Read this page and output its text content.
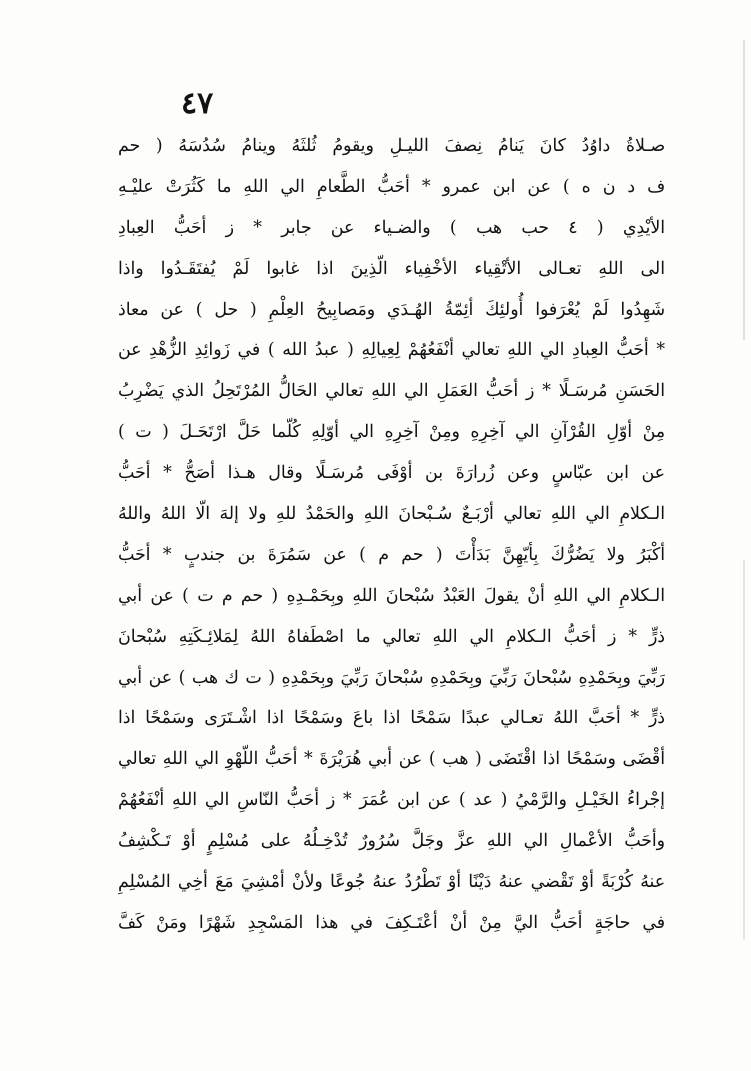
٤٧
صـلاةُ داوُدُ كانَ يَنامُ نِصفَ الليـلِ ويقومُ ثُلثَهُ وينامُ سُدُسَهُ ( حم
ف د ن ه ) عن ابن عمرو * أحَبُّ الطَّعامِ الي اللهِ ما كَثُرَتْ عليْـهِ
الأيْدِي ( ٤ حب هب ) والضـياء عن جابر * ز أحَبُّ العِبادِ
الى اللهِ تعـالى الأتْقِياء الأخْفِياء الّذِينَ اذا غابوا لَمْ يُفتَقَـدُوا واذا
شَهِدُوا لَمْ يُعْرَفوا أُولئِكَ أئِمّةُ الهُـدَي ومَصابِيحُ العِلْمِ ( حل ) عن معاذ
* أحَبُّ العِبادِ الي اللهِ تعالي أنْفَعُهُمْ لِعِيالِهِ ( عبدُ الله ) في زَوائِدِ الزُّهْدِ عن
الحَسَنِ مُرسَـلًا * ز أحَبُّ العَمَلِ الي اللهِ تعالي الحَالُّ المُرْتَحِلُ الذي يَضْرِبُ
مِنْ أوّلِ القُرْآنِ الي آخِرِهِ ومِنْ آخِرِهِ الي أوّلِهِ كُلّما حَلَّ ارْتَحَـلَ ( ت )
عن ابن عبّاسٍ وعن زُرارَةَ بن أوْفَى مُرسَـلًا وقال هـذا أصَحُّ * أحَبُّ
الـكلامِ الي اللهِ تعالي أرْبَـعٌ سُـبْحانَ اللهِ والحَمْدُ للهِ ولا إلهَ الّا اللهُ واللهُ
أكْبَرُ ولا يَضُرُّكَ بِأيّهِنَّ بَدَأْتَ ( حم م ) عن سَمُرَةَ بن جندبٍ * أحَبُّ
الـكلامِ الي اللهِ أنْ يقولَ العَبْدُ سُبْحانَ اللهِ وبِحَمْـدِهِ ( حم م ت ) عن أبي
ذرٍّ * ز أحَبُّ الـكلامِ الي اللهِ تعالي ما اصْطَفاهُ اللهُ لِمَلائِـكَتِهِ سُبْحانَ
رَبِّيَ وبِحَمْدِهِ سُبْحانَ رَبِّيَ وبِحَمْدِهِ سُبْحانَ رَبِّيَ وبِحَمْدِهِ ( ت ك هب ) عن أبي
ذرٍّ * أحَبَّ اللهُ تعـالي عبدًا سَمْحًا اذا باعَ وسَمْحًا اذا اشْـتَرَى وسَمْحًا اذا
أقْضَى وسَمْحًا اذا اقْتَضَى ( هب ) عن أبي هُرَيْرَةَ * أحَبُّ اللّهْوِ الي اللهِ تعالي
إجْراءُ الخَيْـلِ والرَّمْيُ ( عد ) عن ابن عُمَرَ * ز أحَبُّ النّاسِ الي اللهِ أنْفَعُهُمْ
وأحَبُّ الأعْمالِ الي اللهِ عزَّ وجَلَّ سُرُورٌ تُدْخِـلُهُ على مُسْلِمٍ أوْ تَـكْشِفُ
عنهُ كُرْبَةً أوْ تَقْضي عنهُ دَيْنًا أوْ تَطْرُدُ عنهُ جُوعًا ولأنْ أمْشِيَ مَعَ أخِي المُسْلِمِ
في حاجَةٍ أحَبُّ اليَّ مِنْ أنْ أعْتَـكِفَ في هذا المَسْجِدِ شَهْرًا ومَنْ كَفَّ
